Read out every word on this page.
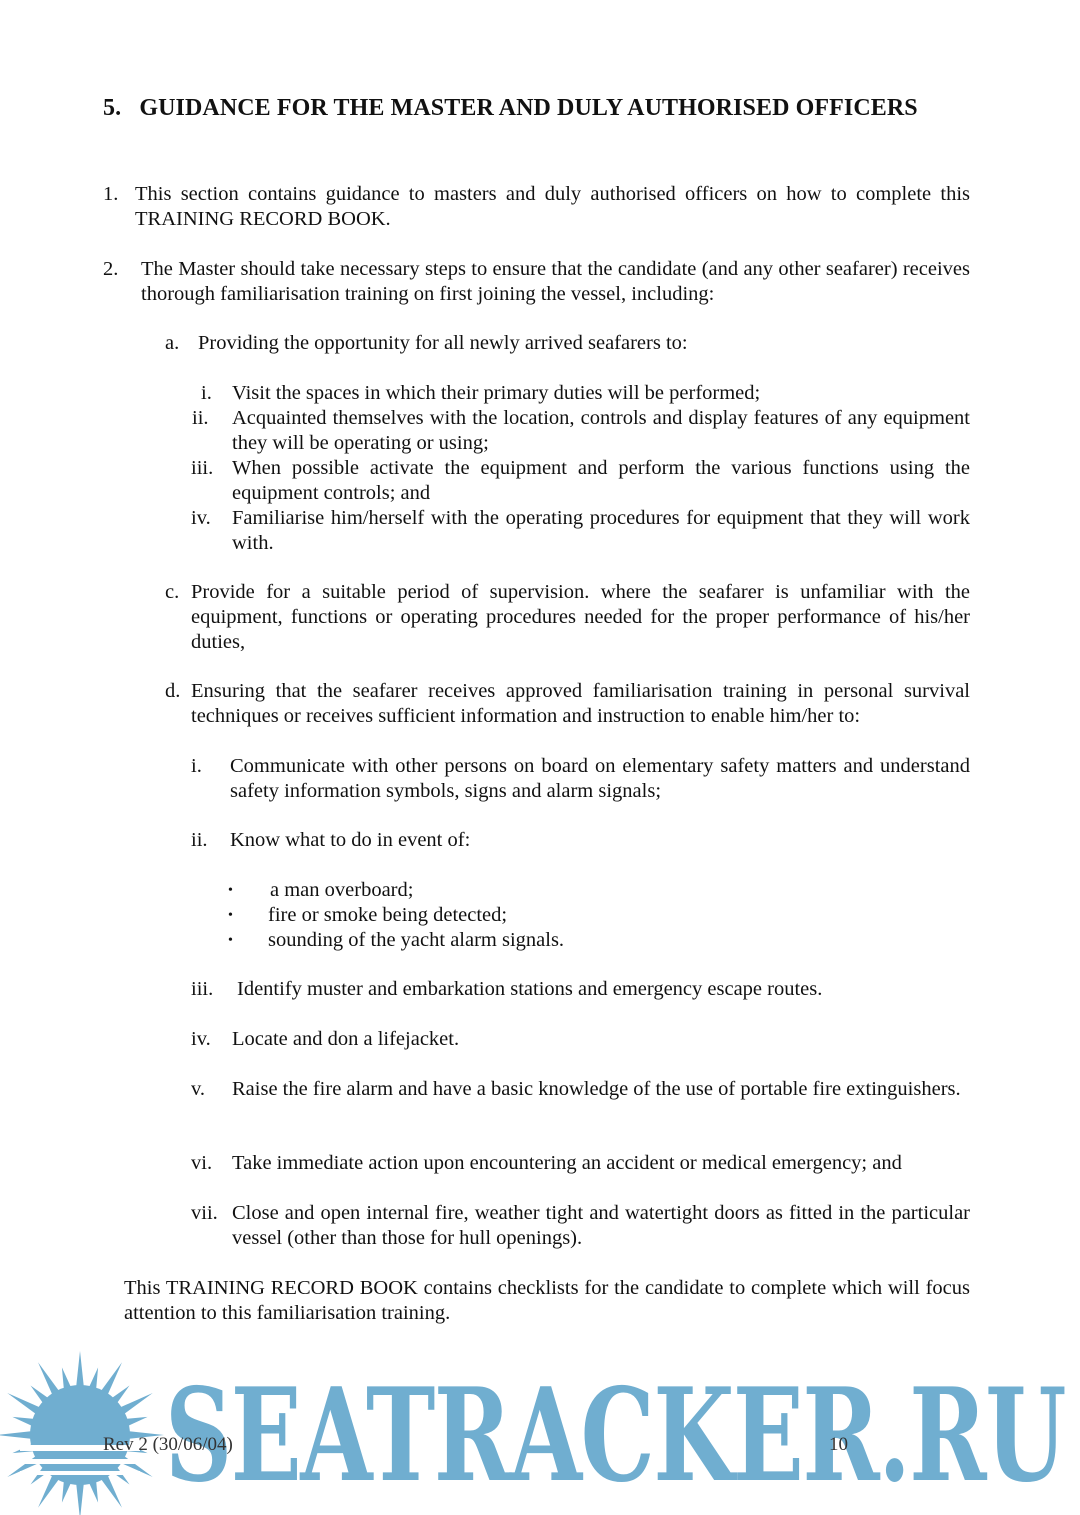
5. GUIDANCE FOR THE MASTER AND DULY AUTHORISED OFFICERS
1. This section contains guidance to masters and duly authorised officers on how to complete this TRAINING RECORD BOOK.
2. The Master should take necessary steps to ensure that the candidate (and any other seafarer) receives thorough familiarisation training on first joining the vessel, including:
a. Providing the opportunity for all newly arrived seafarers to:
i. Visit the spaces in which their primary duties will be performed;
ii. Acquainted themselves with the location, controls and display features of any equipment they will be operating or using;
iii. When possible activate the equipment and perform the various functions using the equipment controls; and
iv. Familiarise him/herself with the operating procedures for equipment that they will work with.
c. Provide for a suitable period of supervision. where the seafarer is unfamiliar with the equipment, functions or operating procedures needed for the proper performance of his/her duties,
d. Ensuring that the seafarer receives approved familiarisation training in personal survival techniques or receives sufficient information and instruction to enable him/her to:
i. Communicate with other persons on board on elementary safety matters and understand safety information symbols, signs and alarm signals;
ii. Know what to do in event of:
• a man overboard;
• fire or smoke being detected;
• sounding of the yacht alarm signals.
iii. Identify muster and embarkation stations and emergency escape routes.
iv. Locate and don a lifejacket.
v. Raise the fire alarm and have a basic knowledge of the use of portable fire extinguishers.
vi. Take immediate action upon encountering an accident or medical emergency; and
vii. Close and open internal fire, weather tight and watertight doors as fitted in the particular vessel (other than those for hull openings).
This TRAINING RECORD BOOK contains checklists for the candidate to complete which will focus attention to this familiarisation training.
SEATRACKER.RU
Rev 2 (30/06/04)	10
